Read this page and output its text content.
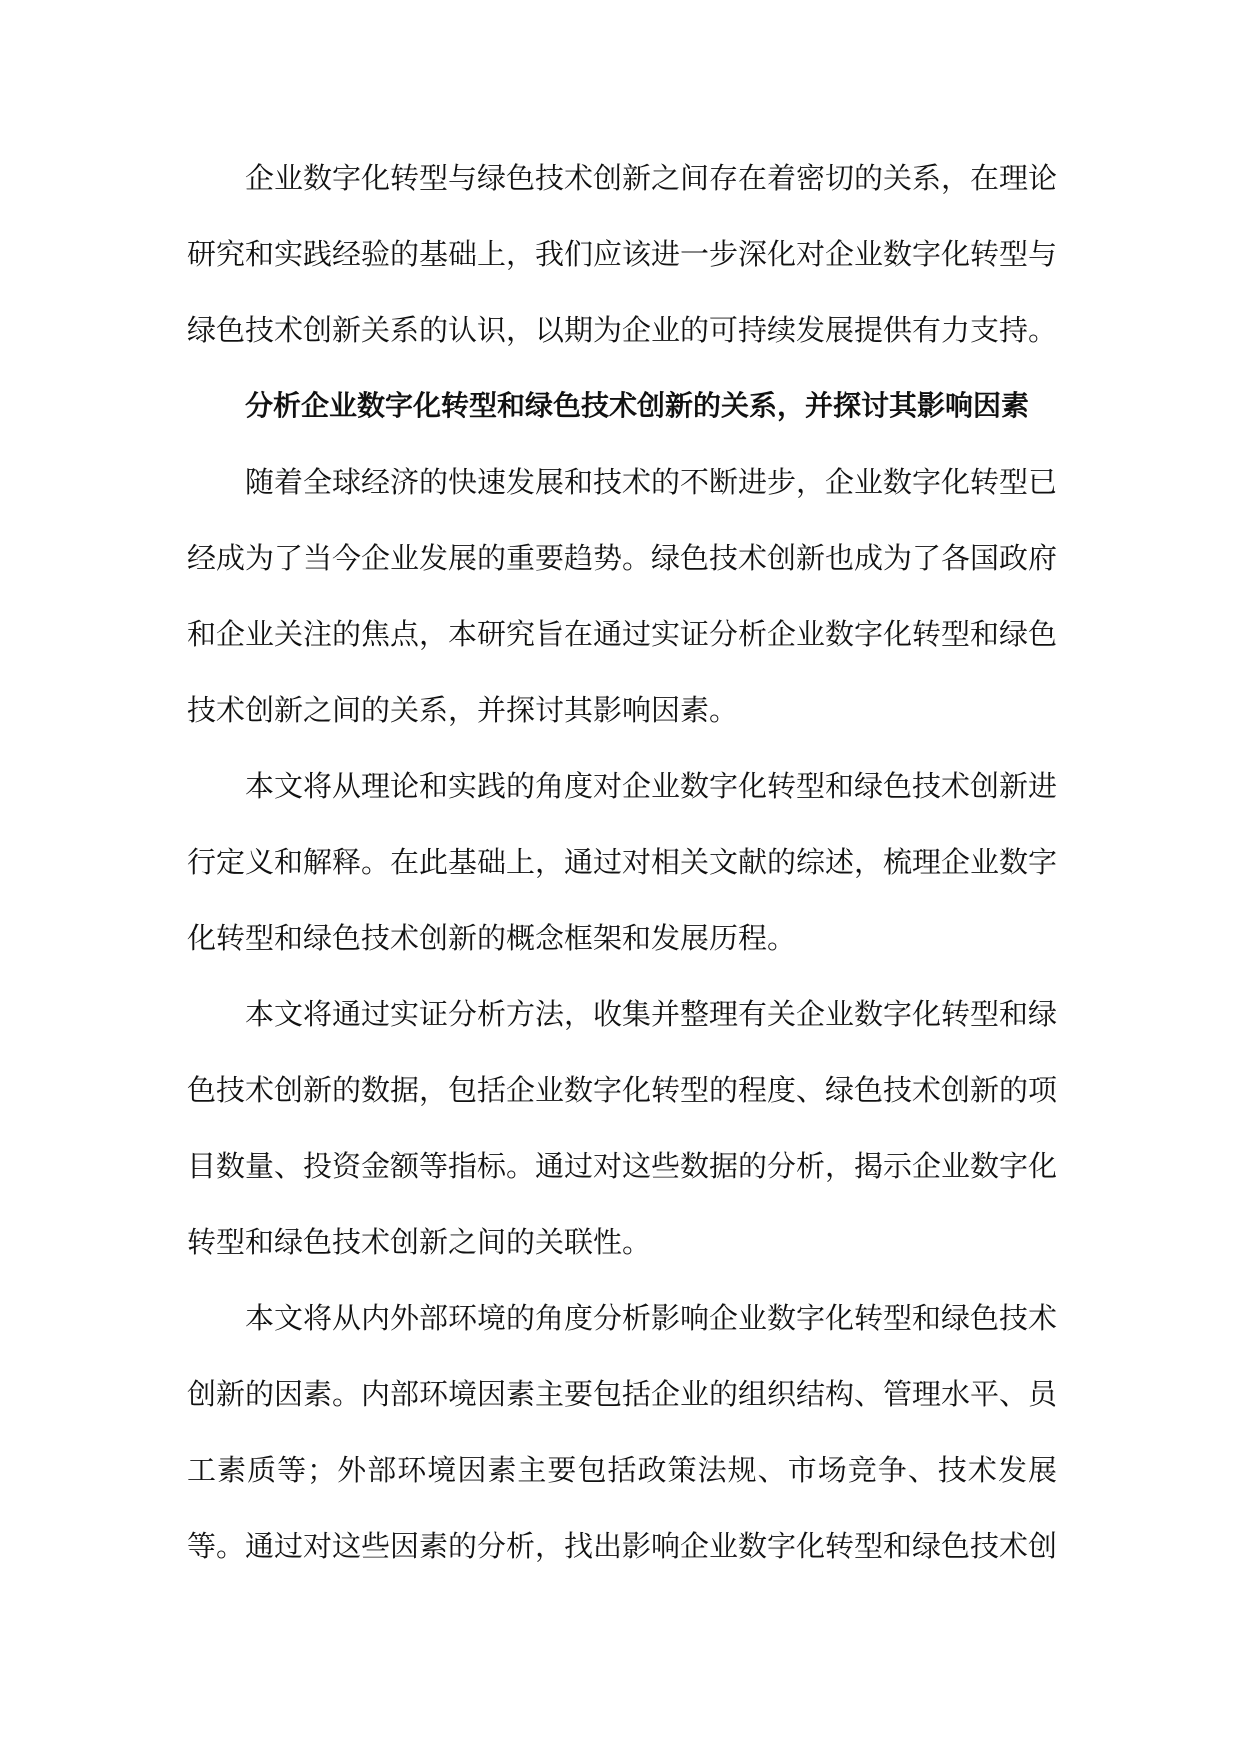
企业数字化转型与绿色技术创新之间存在着密切的关系，在理论研究和实践经验的基础上，我们应该进一步深化对企业数字化转型与绿色技术创新关系的认识，以期为企业的可持续发展提供有力支持。

分析企业数字化转型和绿色技术创新的关系，并探讨其影响因素

随着全球经济的快速发展和技术的不断进步，企业数字化转型已经成为了当今企业发展的重要趋势。绿色技术创新也成为了各国政府和企业关注的焦点，本研究旨在通过实证分析企业数字化转型和绿色技术创新之间的关系，并探讨其影响因素。

本文将从理论和实践的角度对企业数字化转型和绿色技术创新进行定义和解释。在此基础上，通过对相关文献的综述，梳理企业数字化转型和绿色技术创新的概念框架和发展历程。

本文将通过实证分析方法，收集并整理有关企业数字化转型和绿色技术创新的数据，包括企业数字化转型的程度、绿色技术创新的项目数量、投资金额等指标。通过对这些数据的分析，揭示企业数字化转型和绿色技术创新之间的关联性。

本文将从内外部环境的角度分析影响企业数字化转型和绿色技术创新的因素。内部环境因素主要包括企业的组织结构、管理水平、员工素质等；外部环境因素主要包括政策法规、市场竞争、技术发展等。通过对这些因素的分析，找出影响企业数字化转型和绿色技术创
